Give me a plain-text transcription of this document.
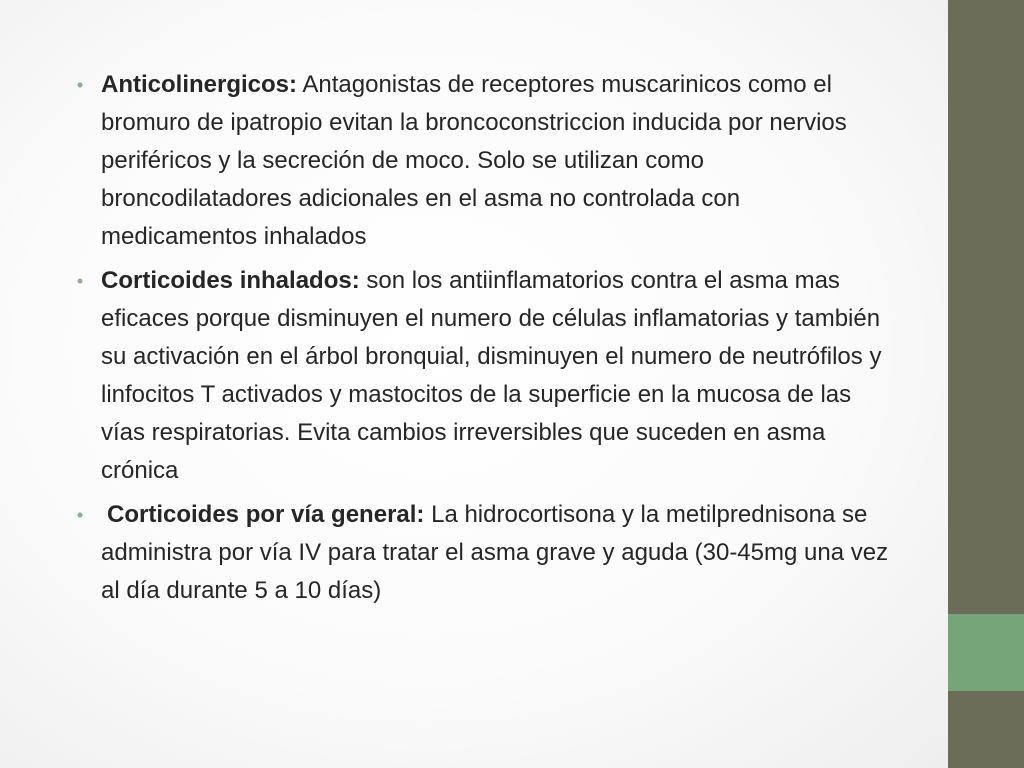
• Anticolinergicos: Antagonistas de receptores muscarinicos como el bromuro de ipatropio evitan la broncoconstriccion inducida por nervios periféricos y la secreción de moco. Solo se utilizan como broncodilatadores adicionales en el asma no controlada con medicamentos inhalados
• Corticoides inhalados: son los antiinflamatorios contra el asma mas eficaces porque disminuyen el numero de células inflamatorias y también su activación en el árbol bronquial, disminuyen el numero de neutrófilos y linfocitos T activados y mastocitos de la superficie en la mucosa de las vías respiratorias. Evita cambios irreversibles que suceden en asma crónica
• Corticoides por vía general: La hidrocortisona y la metilprednisona se administra por vía IV para tratar el asma grave y aguda (30-45mg una vez al día durante 5 a 10 días)
